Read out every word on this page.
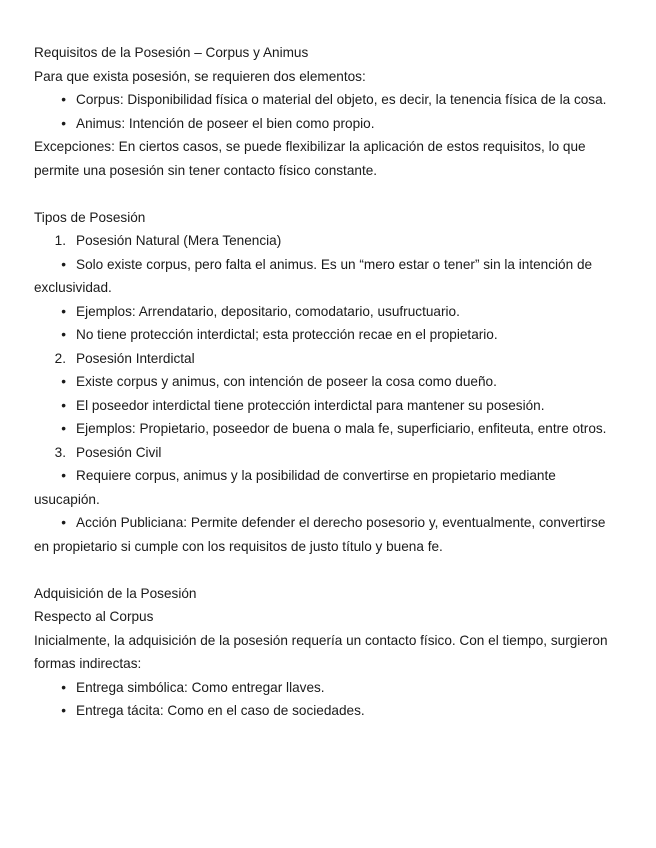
Requisitos de la Posesión – Corpus y Animus

Para que exista posesión, se requieren dos elementos:

• Corpus: Disponibilidad física o material del objeto, es decir, la tenencia física de la cosa.

• Animus: Intención de poseer el bien como propio.

Excepciones: En ciertos casos, se puede flexibilizar la aplicación de estos requisitos, lo que permite una posesión sin tener contacto físico constante.

Tipos de Posesión

1. Posesión Natural (Mera Tenencia)

• Solo existe corpus, pero falta el animus. Es un “mero estar o tener” sin la intención de exclusividad.

• Ejemplos: Arrendatario, depositario, comodatario, usufructuario.

• No tiene protección interdictal; esta protección recae en el propietario.

2. Posesión Interdictal

• Existe corpus y animus, con intención de poseer la cosa como dueño.

• El poseedor interdictal tiene protección interdictal para mantener su posesión.

• Ejemplos: Propietario, poseedor de buena o mala fe, superficiario, enfiteuta, entre otros.

3. Posesión Civil

• Requiere corpus, animus y la posibilidad de convertirse en propietario mediante usucapión.

• Acción Publiciana: Permite defender el derecho posesorio y, eventualmente, convertirse en propietario si cumple con los requisitos de justo título y buena fe.

Adquisición de la Posesión

Respecto al Corpus

Inicialmente, la adquisición de la posesión requería un contacto físico. Con el tiempo, surgieron formas indirectas:

• Entrega simbólica: Como entregar llaves.

• Entrega tácita: Como en el caso de sociedades.
